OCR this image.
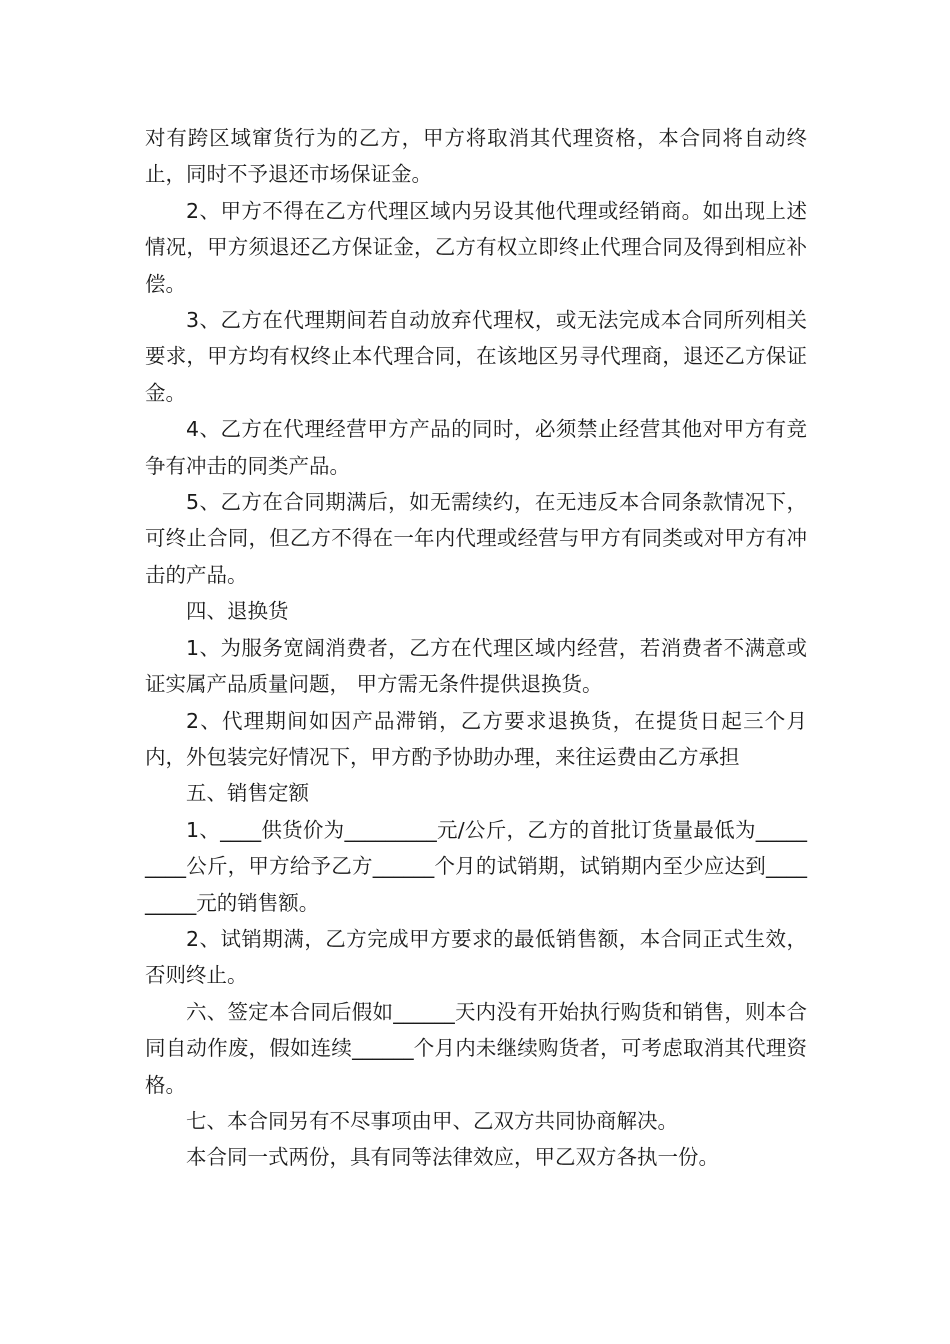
对有跨区域窜货行为的乙方，甲方将取消其代理资格，本合同将自动终止，同时不予退还市场保证金。

2、甲方不得在乙方代理区域内另设其他代理或经销商。如出现上述情况，甲方须退还乙方保证金，乙方有权立即终止代理合同及得到相应补偿。

3、乙方在代理期间若自动放弃代理权，或无法完成本合同所列相关要求，甲方均有权终止本代理合同，在该地区另寻代理商，退还乙方保证金。

4、乙方在代理经营甲方产品的同时，必须禁止经营其他对甲方有竞争有冲击的同类产品。

5、乙方在合同期满后，如无需续约，在无违反本合同条款情况下，可终止合同，但乙方不得在一年内代理或经营与甲方有同类或对甲方有冲击的产品。

四、退换货

1、为服务宽阔消费者，乙方在代理区域内经营，若消费者不满意或证实属产品质量问题， 甲方需无条件提供退换货。

2、代理期间如因产品滞销，乙方要求退换货，在提货日起三个月内，外包装完好情况下，甲方酌予协助办理，来往运费由乙方承担

五、销售定额

1、____供货价为_________元/公斤，乙方的首批订货量最低为_________公斤，甲方给予乙方______个月的试销期，试销期内至少应达到_________元的销售额。

2、试销期满，乙方完成甲方要求的最低销售额，本合同正式生效，否则终止。

六、签定本合同后假如______天内没有开始执行购货和销售，则本合同自动作废，假如连续______个月内未继续购货者，可考虑取消其代理资格。

七、本合同另有不尽事项由甲、乙双方共同协商解决。

本合同一式两份，具有同等法律效应，甲乙双方各执一份。
